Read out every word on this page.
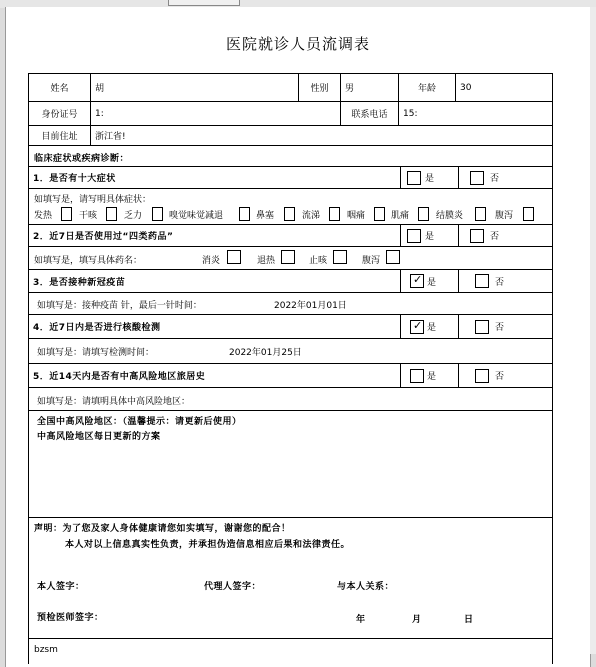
医院就诊人员流调表
姓名	胡	性别	男	年龄	30
身份证号	1:	联系电话	15:
目前住址	浙江省!
临床症状或疾病诊断：
1．是否有十大症状	是	否
如填写是，请写明具体症状：
发热	干咳	乏力	嗅觉味觉减退	鼻塞	流涕	咽痛	肌痛	结膜炎	腹泻
2．近7日是否使用过“四类药品”	是	否
如填写是，填写具体药名：	消炎	退热	止咳	腹泻
3．是否接种新冠疫苗 ✓	是	否
如填写是：接种疫苗 针，最后一针时间：	2022年01月01日
4．近7日内是否进行核酸检测 ✓	是	否
如填写是：请填写检测时间：	2022年01月25日
5．近14天内是否有中高风险地区旅居史	是	否
如填写是：请填明具体中高风险地区：
全国中高风险地区：（温馨提示：请更新后使用）
中高风险地区每日更新的方案
声明：为了您及家人身体健康请您如实填写，谢谢您的配合！
本人对以上信息真实性负责，并承担伪造信息相应后果和法律责任。
本人签字：	代理人签字：	与本人关系：
预检医师签字：	年	月	日
bzsm
